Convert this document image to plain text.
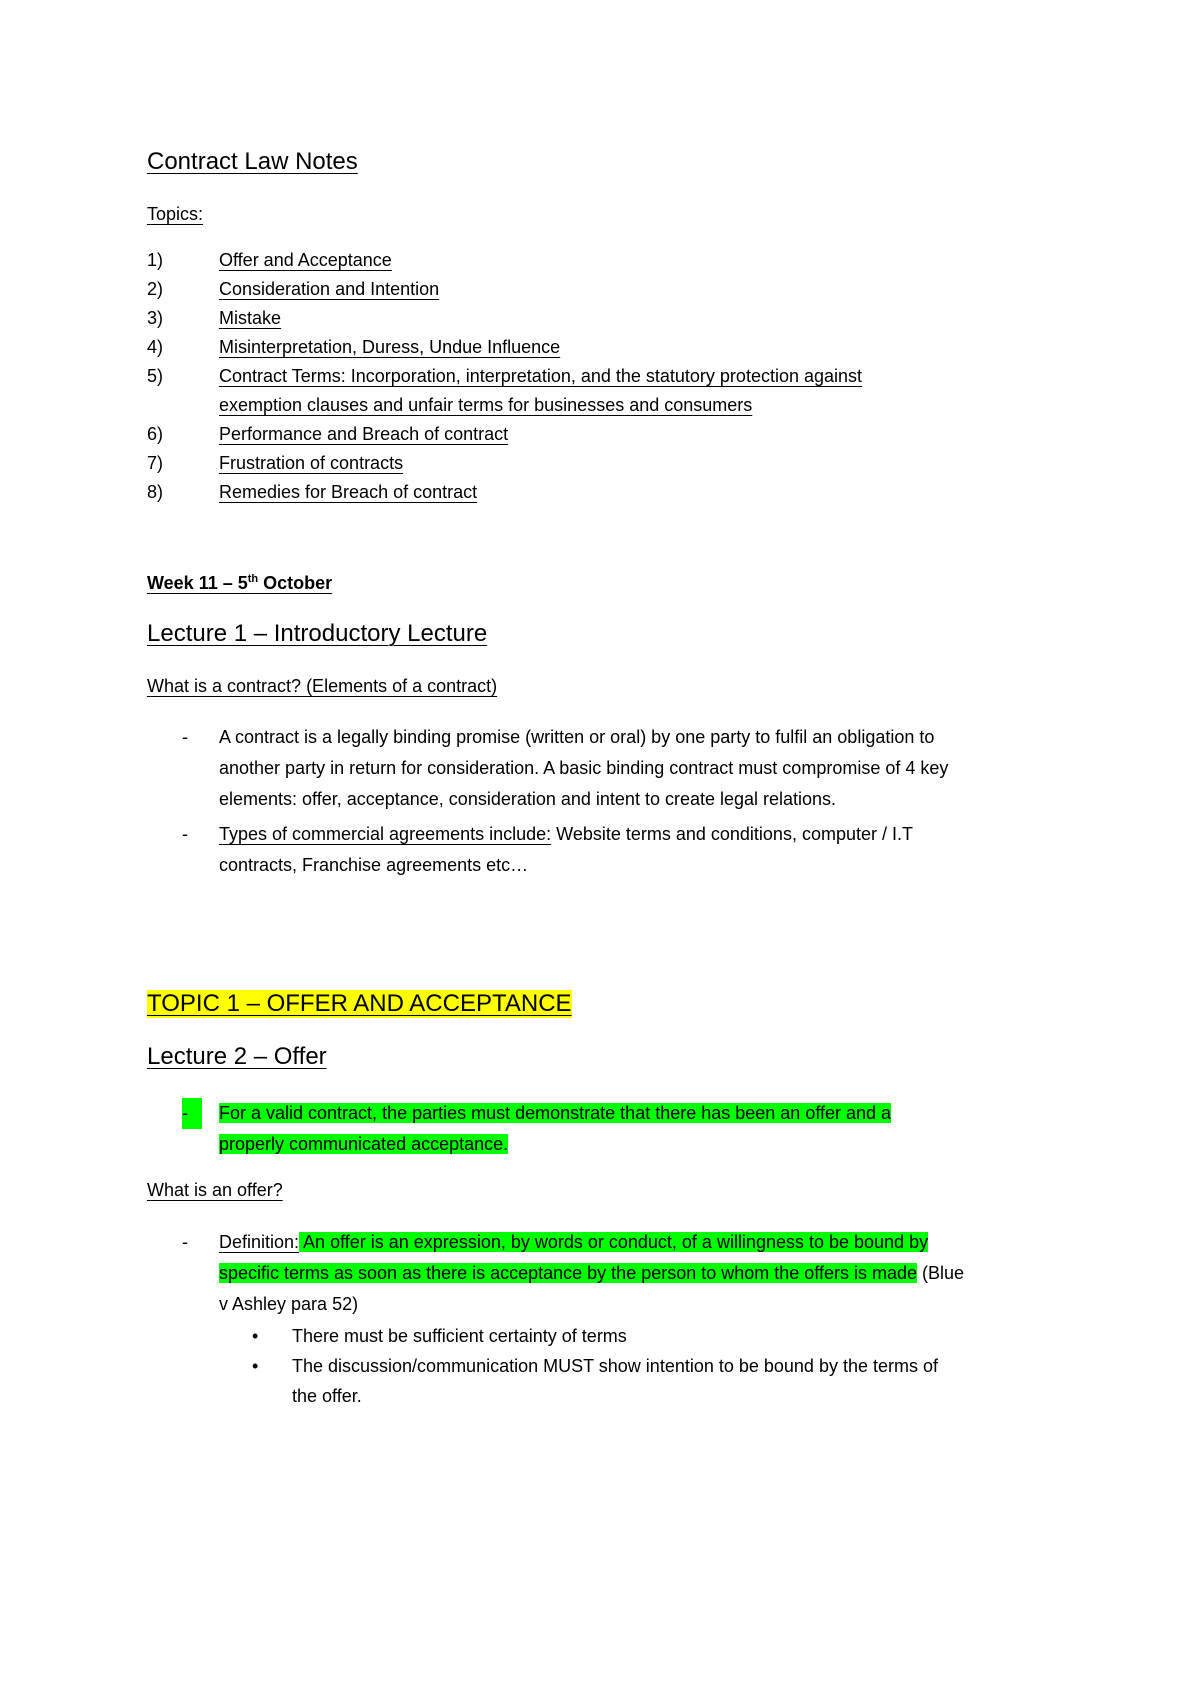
Contract Law Notes
Topics:
1)	Offer and Acceptance
2)	Consideration and Intention
3)	Mistake
4)	Misinterpretation, Duress, Undue Influence
5)	Contract Terms: Incorporation, interpretation, and the statutory protection against
exemption clauses and unfair terms for businesses and consumers
6)	Performance and Breach of contract
7)	Frustration of contracts
8)	Remedies for Breach of contract
Week 11 – 5th October
Lecture 1 – Introductory Lecture
What is a contract? (Elements of a contract)
- A contract is a legally binding promise (written or oral) by one party to fulfil an obligation to
another party in return for consideration. A basic binding contract must compromise of 4 key
elements: offer, acceptance, consideration and intent to create legal relations.
- Types of commercial agreements include: Website terms and conditions, computer / I.T
contracts, Franchise agreements etc…
TOPIC 1 – OFFER AND ACCEPTANCE
Lecture 2 – Offer
-	For a valid contract, the parties must demonstrate that there has been an offer and a
properly communicated acceptance.
What is an offer?
- Definition: An offer is an expression, by words or conduct, of a willingness to be bound by
specific terms as soon as there is acceptance by the person to whom the offers is made (Blue
v Ashley para 52)
• There must be sufficient certainty of terms
• The discussion/communication MUST show intention to be bound by the terms of
the offer.
